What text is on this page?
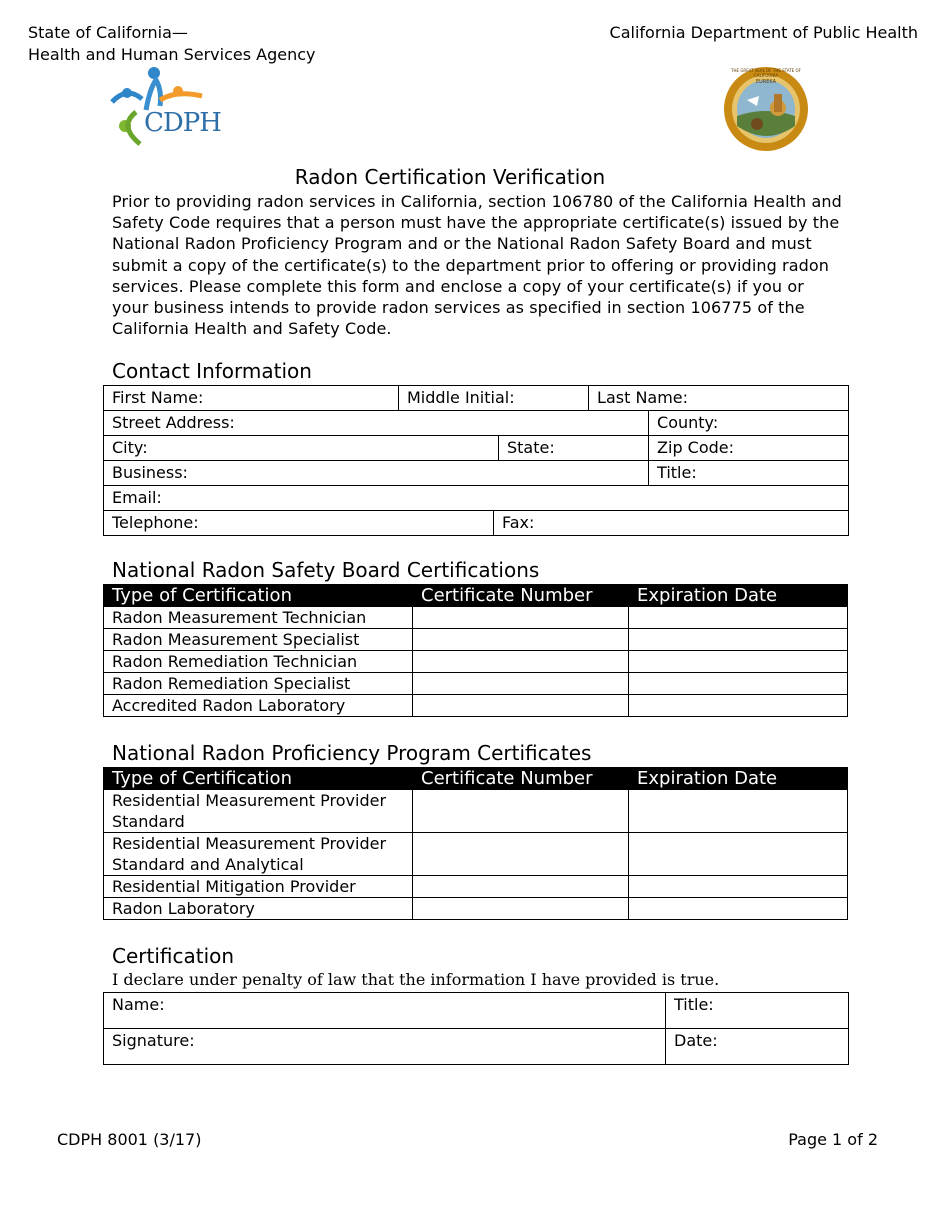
State of California—
Health and Human Services Agency
California Department of Public Health
CDPH
THE GREAT SEAL OF THE STATE OF CALIFORNIA
EUREKA
Radon Certification Verification
Prior to providing radon services in California, section 106780 of the California Health and Safety Code requires that a person must have the appropriate certificate(s) issued by the National Radon Proficiency Program and or the National Radon Safety Board and must submit a copy of the certificate(s) to the department prior to offering or providing radon services. Please complete this form and enclose a copy of your certificate(s) if you or your business intends to provide radon services as specified in section 106775 of the California Health and Safety Code.
Contact Information
First Name:	Middle Initial:			Last Name:	
Street Address:					County:
City:			State:		Zip Code:
Business:					Title:
Email:					
Telephone:		Fax:			
National Radon Safety Board Certifications
Type of Certification	Certificate Number	Expiration Date
Radon Measurement Technician		
Radon Measurement Specialist		
Radon Remediation Technician		
Radon Remediation Specialist		
Accredited Radon Laboratory		
National Radon Proficiency Program Certificates
Type of Certification	Certificate Number	Expiration Date

Residential Measurement Provider
Standard		

Residential Measurement Provider
Standard and Analytical		

Residential Mitigation Provider		
Radon Laboratory		
Certification
I declare under penalty of law that the information I have provided is true.
Name:	Title:
Signature:	Date:
CDPH 8001 (3/17)	Page 1 of 2
